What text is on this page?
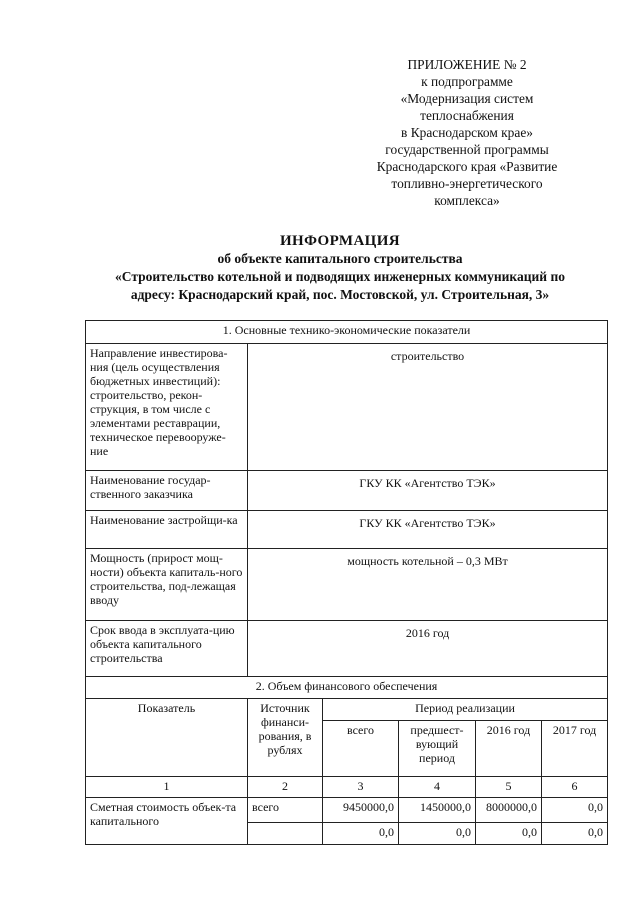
ПРИЛОЖЕНИЕ № 2
к подпрограмме
«Модернизация систем
теплоснабжения
в Краснодарском крае»
государственной программы
Краснодарского края «Развитие
топливно-энергетического
комплекса»
ИНФОРМАЦИЯ
об объекте капитального строительства
«Строительство котельной и подводящих инженерных коммуникаций по
адресу: Краснодарский край, пос. Мостовской, ул. Строительная, 3»
1. Основные технико-экономические показатели					
Направление инвестирова-ния (цель осуществления бюджетных инвестиций): строительство, рекон-струкция, в том числе с элементами реставрации, техническое перевооруже-ние	строительство				
Наименование государ-ственного заказчика	ГКУ КК «Агентство ТЭК»				
Наименование застройщи-ка	ГКУ КК «Агентство ТЭК»				
Мощность (прирост мощ-ности) объекта капиталь-ного строительства, под-лежащая вводу	мощность котельной – 0,3 МВт				
Срок ввода в эксплуата-цию объекта капитального строительства	2016 год				
2. Объем финансового обеспечения					
Показатель	Источник финанси-рования, в рублях	Период реализации			
		всего	предшест-вующий период	2016 год	2017 год
1	2	3	4	5	6
Сметная стоимость объек-та капитального	всего	9450000,0	1450000,0	8000000,0	0,0
		0,0	0,0	0,0	0,0
